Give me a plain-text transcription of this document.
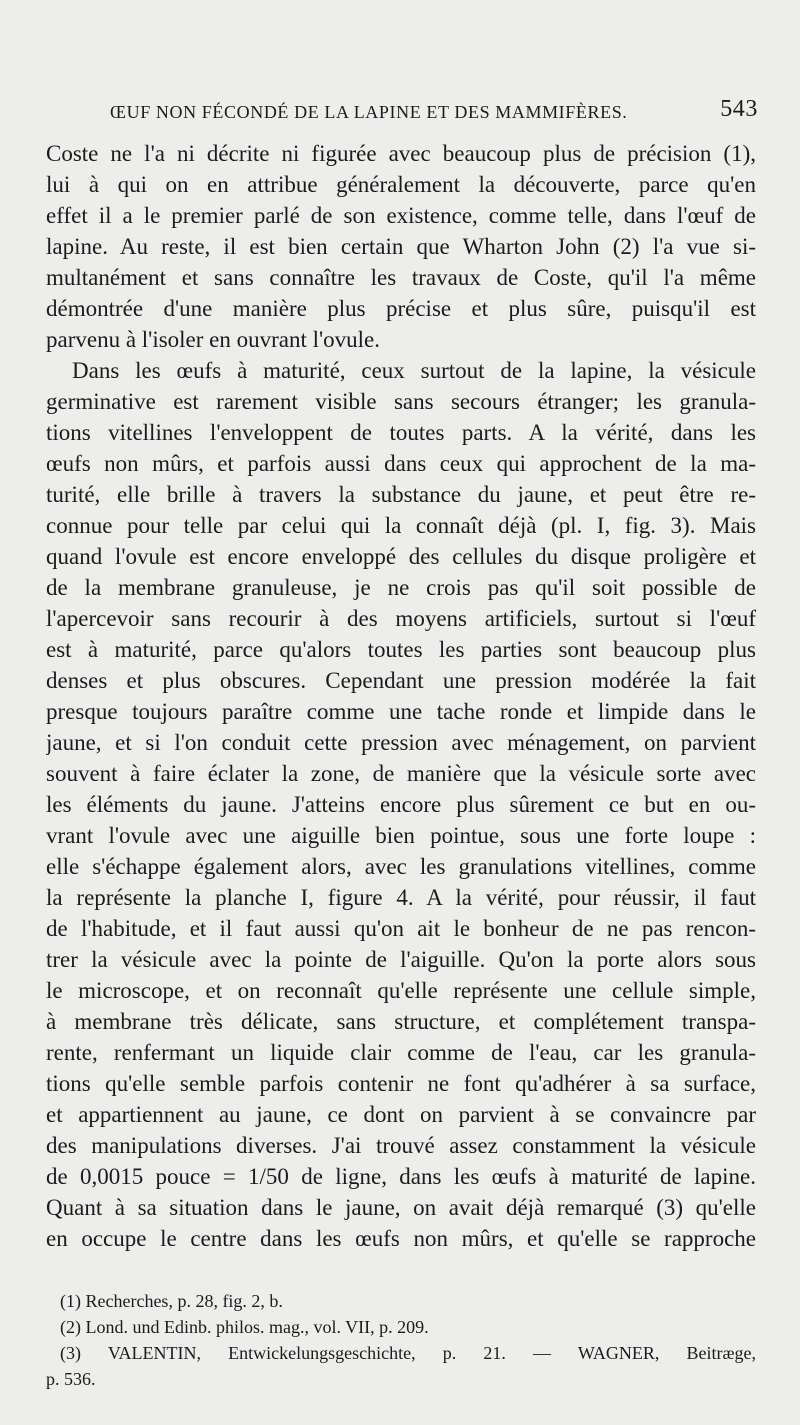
ŒUF NON FÉCONDÉ DE LA LAPINE ET DES MAMMIFÈRES.	543
Coste ne l'a ni décrite ni figurée avec beaucoup plus de précision (1),
lui à qui on en attribue généralement la découverte, parce qu'en
effet il a le premier parlé de son existence, comme telle, dans l'œuf de
lapine. Au reste, il est bien certain que Wharton John (2) l'a vue si-
multanément et sans connaître les travaux de Coste, qu'il l'a même
démontrée d'une manière plus précise et plus sûre, puisqu'il est
parvenu à l'isoler en ouvrant l'ovule.
Dans les œufs à maturité, ceux surtout de la lapine, la vésicule
germinative est rarement visible sans secours étranger; les granula-
tions vitellines l'enveloppent de toutes parts. A la vérité, dans les
œufs non mûrs, et parfois aussi dans ceux qui approchent de la ma-
turité, elle brille à travers la substance du jaune, et peut être re-
connue pour telle par celui qui la connaît déjà (pl. I, fig. 3). Mais
quand l'ovule est encore enveloppé des cellules du disque proligère et
de la membrane granuleuse, je ne crois pas qu'il soit possible de
l'apercevoir sans recourir à des moyens artificiels, surtout si l'œuf
est à maturité, parce qu'alors toutes les parties sont beaucoup plus
denses et plus obscures. Cependant une pression modérée la fait
presque toujours paraître comme une tache ronde et limpide dans le
jaune, et si l'on conduit cette pression avec ménagement, on parvient
souvent à faire éclater la zone, de manière que la vésicule sorte avec
les éléments du jaune. J'atteins encore plus sûrement ce but en ou-
vrant l'ovule avec une aiguille bien pointue, sous une forte loupe :
elle s'échappe également alors, avec les granulations vitellines, comme
la représente la planche I, figure 4. A la vérité, pour réussir, il faut
de l'habitude, et il faut aussi qu'on ait le bonheur de ne pas rencon-
trer la vésicule avec la pointe de l'aiguille. Qu'on la porte alors sous
le microscope, et on reconnaît qu'elle représente une cellule simple,
à membrane très délicate, sans structure, et complétement transpa-
rente, renfermant un liquide clair comme de l'eau, car les granula-
tions qu'elle semble parfois contenir ne font qu'adhérer à sa surface,
et appartiennent au jaune, ce dont on parvient à se convaincre par
des manipulations diverses. J'ai trouvé assez constamment la vésicule
de 0,0015 pouce = 1/50 de ligne, dans les œufs à maturité de lapine.
Quant à sa situation dans le jaune, on avait déjà remarqué (3) qu'elle
en occupe le centre dans les œufs non mûrs, et qu'elle se rapproche
(1) Recherches, p. 28, fig. 2, b.
(2) Lond. und Edinb. philos. mag., vol. VII, p. 209.
(3) VALENTIN, Entwickelungsgeschichte, p. 21. — WAGNER, Beitræge,
p. 536.
